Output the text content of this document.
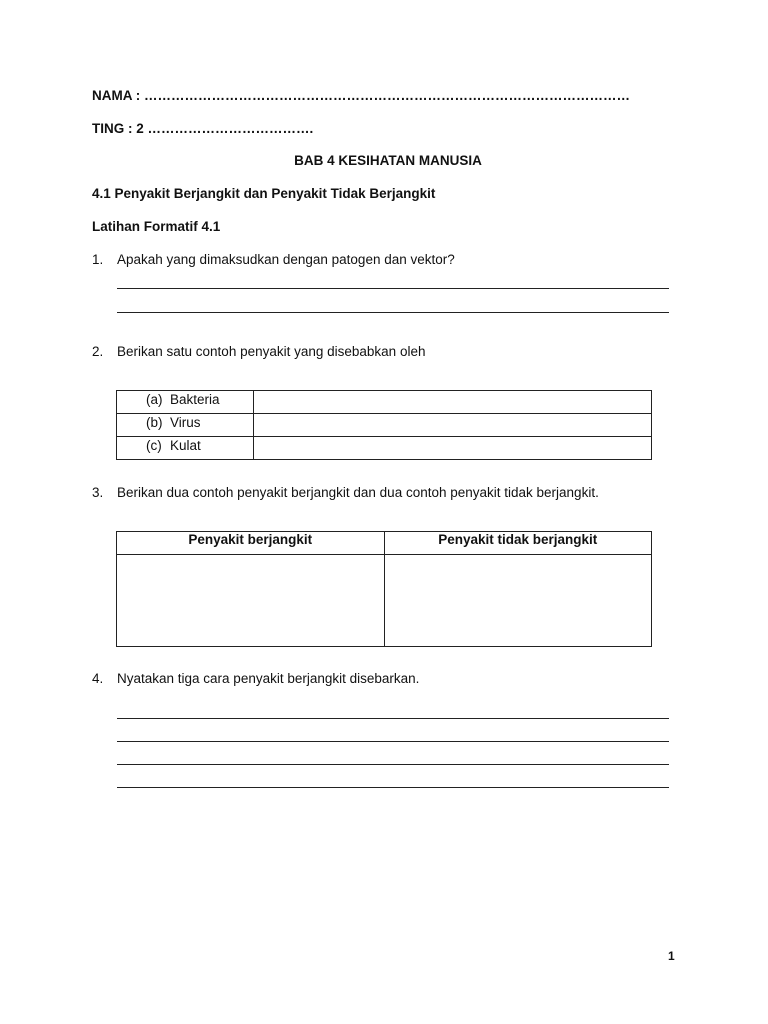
NAMA : ………………………………………………………………………………………………
TING : 2 ……………………………….
BAB 4 KESIHATAN MANUSIA
4.1 Penyakit Berjangkit dan Penyakit Tidak Berjangkit
Latihan Formatif 4.1
1. Apakah yang dimaksudkan dengan patogen dan vektor?
2. Berikan satu contoh penyakit yang disebabkan oleh
(a) Bakteria	
(b) Virus	
(c) Kulat	
3. Berikan dua contoh penyakit berjangkit dan dua contoh penyakit tidak berjangkit.
Penyakit berjangkit	Penyakit tidak berjangkit

4. Nyatakan tiga cara penyakit berjangkit disebarkan.
1
